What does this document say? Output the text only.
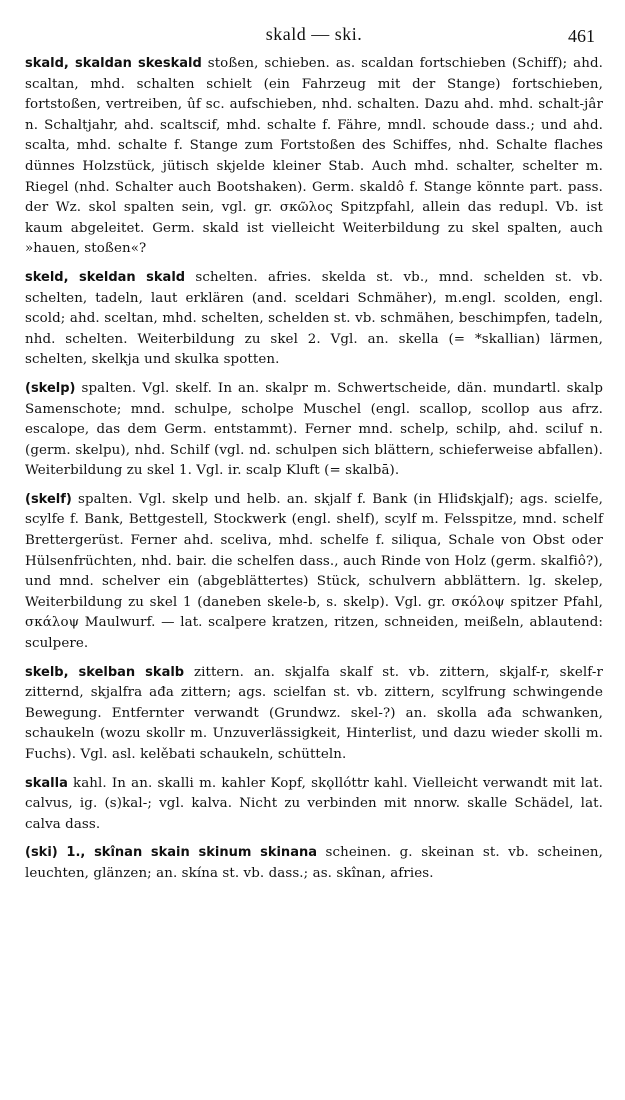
skald — ski.	461

skald, skaldan skeskald stoßen, schieben. as. scaldan fortschieben (Schiff); ahd. scaltan, mhd. schalten schielt (ein Fahrzeug mit der Stange) fortschieben, fortstoßen, vertreiben, ûf sc. aufschieben, nhd. schalten. Dazu ahd. mhd. schalt-jâr n. Schaltjahr, ahd. scaltscif, mhd. schalte f. Fähre, mndl. schoude dass.; und ahd. scalta, mhd. schalte f. Stange zum Fortstoßen des Schiffes, nhd. Schalte flaches dünnes Holzstück, jütisch skjelde kleiner Stab. Auch mhd. schalter, schelter m. Riegel (nhd. Schalter auch Bootshaken). Germ. skaldô f. Stange könnte part. pass. der Wz. skol spalten sein, vgl. gr. σκῶλος Spitzpfahl, allein das redupl. Vb. ist kaum abgeleitet. Germ. skald ist vielleicht Weiterbildung zu skel spalten, auch »hauen, stoßen«?

skeld, skeldan skald schelten. afries. skelda st. vb., mnd. schelden st. vb. schelten, tadeln, laut erklären (and. sceldari Schmäher), m.engl. scolden, engl. scold; ahd. sceltan, mhd. schelten, schelden st. vb. schmähen, beschimpfen, tadeln, nhd. schelten. Weiterbildung zu skel 2. Vgl. an. skella (= *skallian) lärmen, schelten, skelkja und skulka spotten.

(skelp) spalten. Vgl. skelf. In an. skalpr m. Schwertscheide, dän. mundartl. skalp Samenschote; mnd. schulpe, scholpe Muschel (engl. scallop, scollop aus afrz. escalope, das dem Germ. entstammt). Ferner mnd. schelp, schilp, ahd. sciluf n. (germ. skelpu), nhd. Schilf (vgl. nd. schulpen sich blättern, schieferweise abfallen). Weiterbildung zu skel 1. Vgl. ir. scalp Kluft (= skalbā).

(skelf) spalten. Vgl. skelp und helb. an. skjalf f. Bank (in Hliđskjalf); ags. scielfe, scylfe f. Bank, Bettgestell, Stockwerk (engl. shelf), scylf m. Felsspitze, mnd. schelf Brettergerüst. Ferner ahd. sceliva, mhd. schelfe f. siliqua, Schale von Obst oder Hülsenfrüchten, nhd. bair. die schelfen dass., auch Rinde von Holz (germ. skalfiô?), und mnd. schelver ein (abgeblättertes) Stück, schulvern abblättern. lg. skelep, Weiterbildung zu skel 1 (daneben skele-b, s. skelp). Vgl. gr. σκόλοψ spitzer Pfahl, σκάλοψ Maulwurf. — lat. scalpere kratzen, ritzen, schneiden, meißeln, ablautend: sculpere.

skelb, skelban skalb zittern. an. skjalfa skalf st. vb. zittern, skjalf-r, skelf-r zitternd, skjalfra ađa zittern; ags. scielfan st. vb. zittern, scylfrung schwingende Bewegung. Entfernter verwandt (Grundwz. skel-?) an. skolla ađa schwanken, schaukeln (wozu skollr m. Unzuverlässigkeit, Hinterlist, und dazu wieder skolli m. Fuchs). Vgl. asl. kelěbati schaukeln, schütteln.

skalla kahl. In an. skalli m. kahler Kopf, skǫllóttr kahl. Vielleicht verwandt mit lat. calvus, ig. (s)kal-; vgl. kalva. Nicht zu verbinden mit nnorw. skalle Schädel, lat. calva dass.

(ski) 1., skînan skain skinum skinana scheinen. g. skeinan st. vb. scheinen, leuchten, glänzen; an. skína st. vb. dass.; as. skînan, afries.
